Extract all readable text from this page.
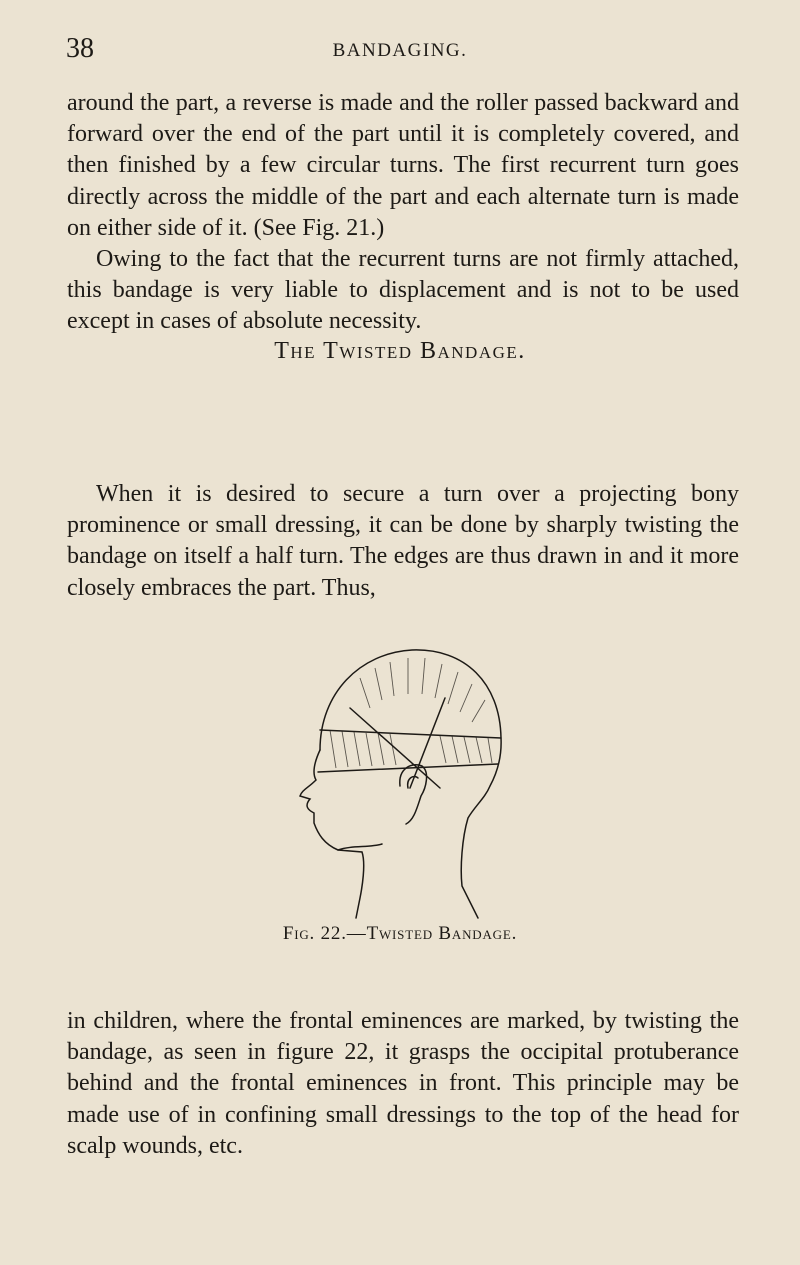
38	BANDAGING.

around the part, a reverse is made and the roller passed backward and forward over the end of the part until it is completely covered, and then finished by a few circular turns. The first recurrent turn goes directly across the middle of the part and each alternate turn is made on either side of it. (See Fig. 21.)

Owing to the fact that the recurrent turns are not firmly attached, this bandage is very liable to displacement and is not to be used except in cases of absolute necessity.

The Twisted Bandage.

When it is desired to secure a turn over a projecting bony prominence or small dressing, it can be done by sharply twisting the bandage on itself a half turn. The edges are thus drawn in and it more closely embraces the part. Thus,

Fig. 22.—Twisted Bandage.

in children, where the frontal eminences are marked, by twisting the bandage, as seen in figure 22, it grasps the occipital protuberance behind and the frontal eminences in front. This principle may be made use of in confining small dressings to the top of the head for scalp wounds, etc.
